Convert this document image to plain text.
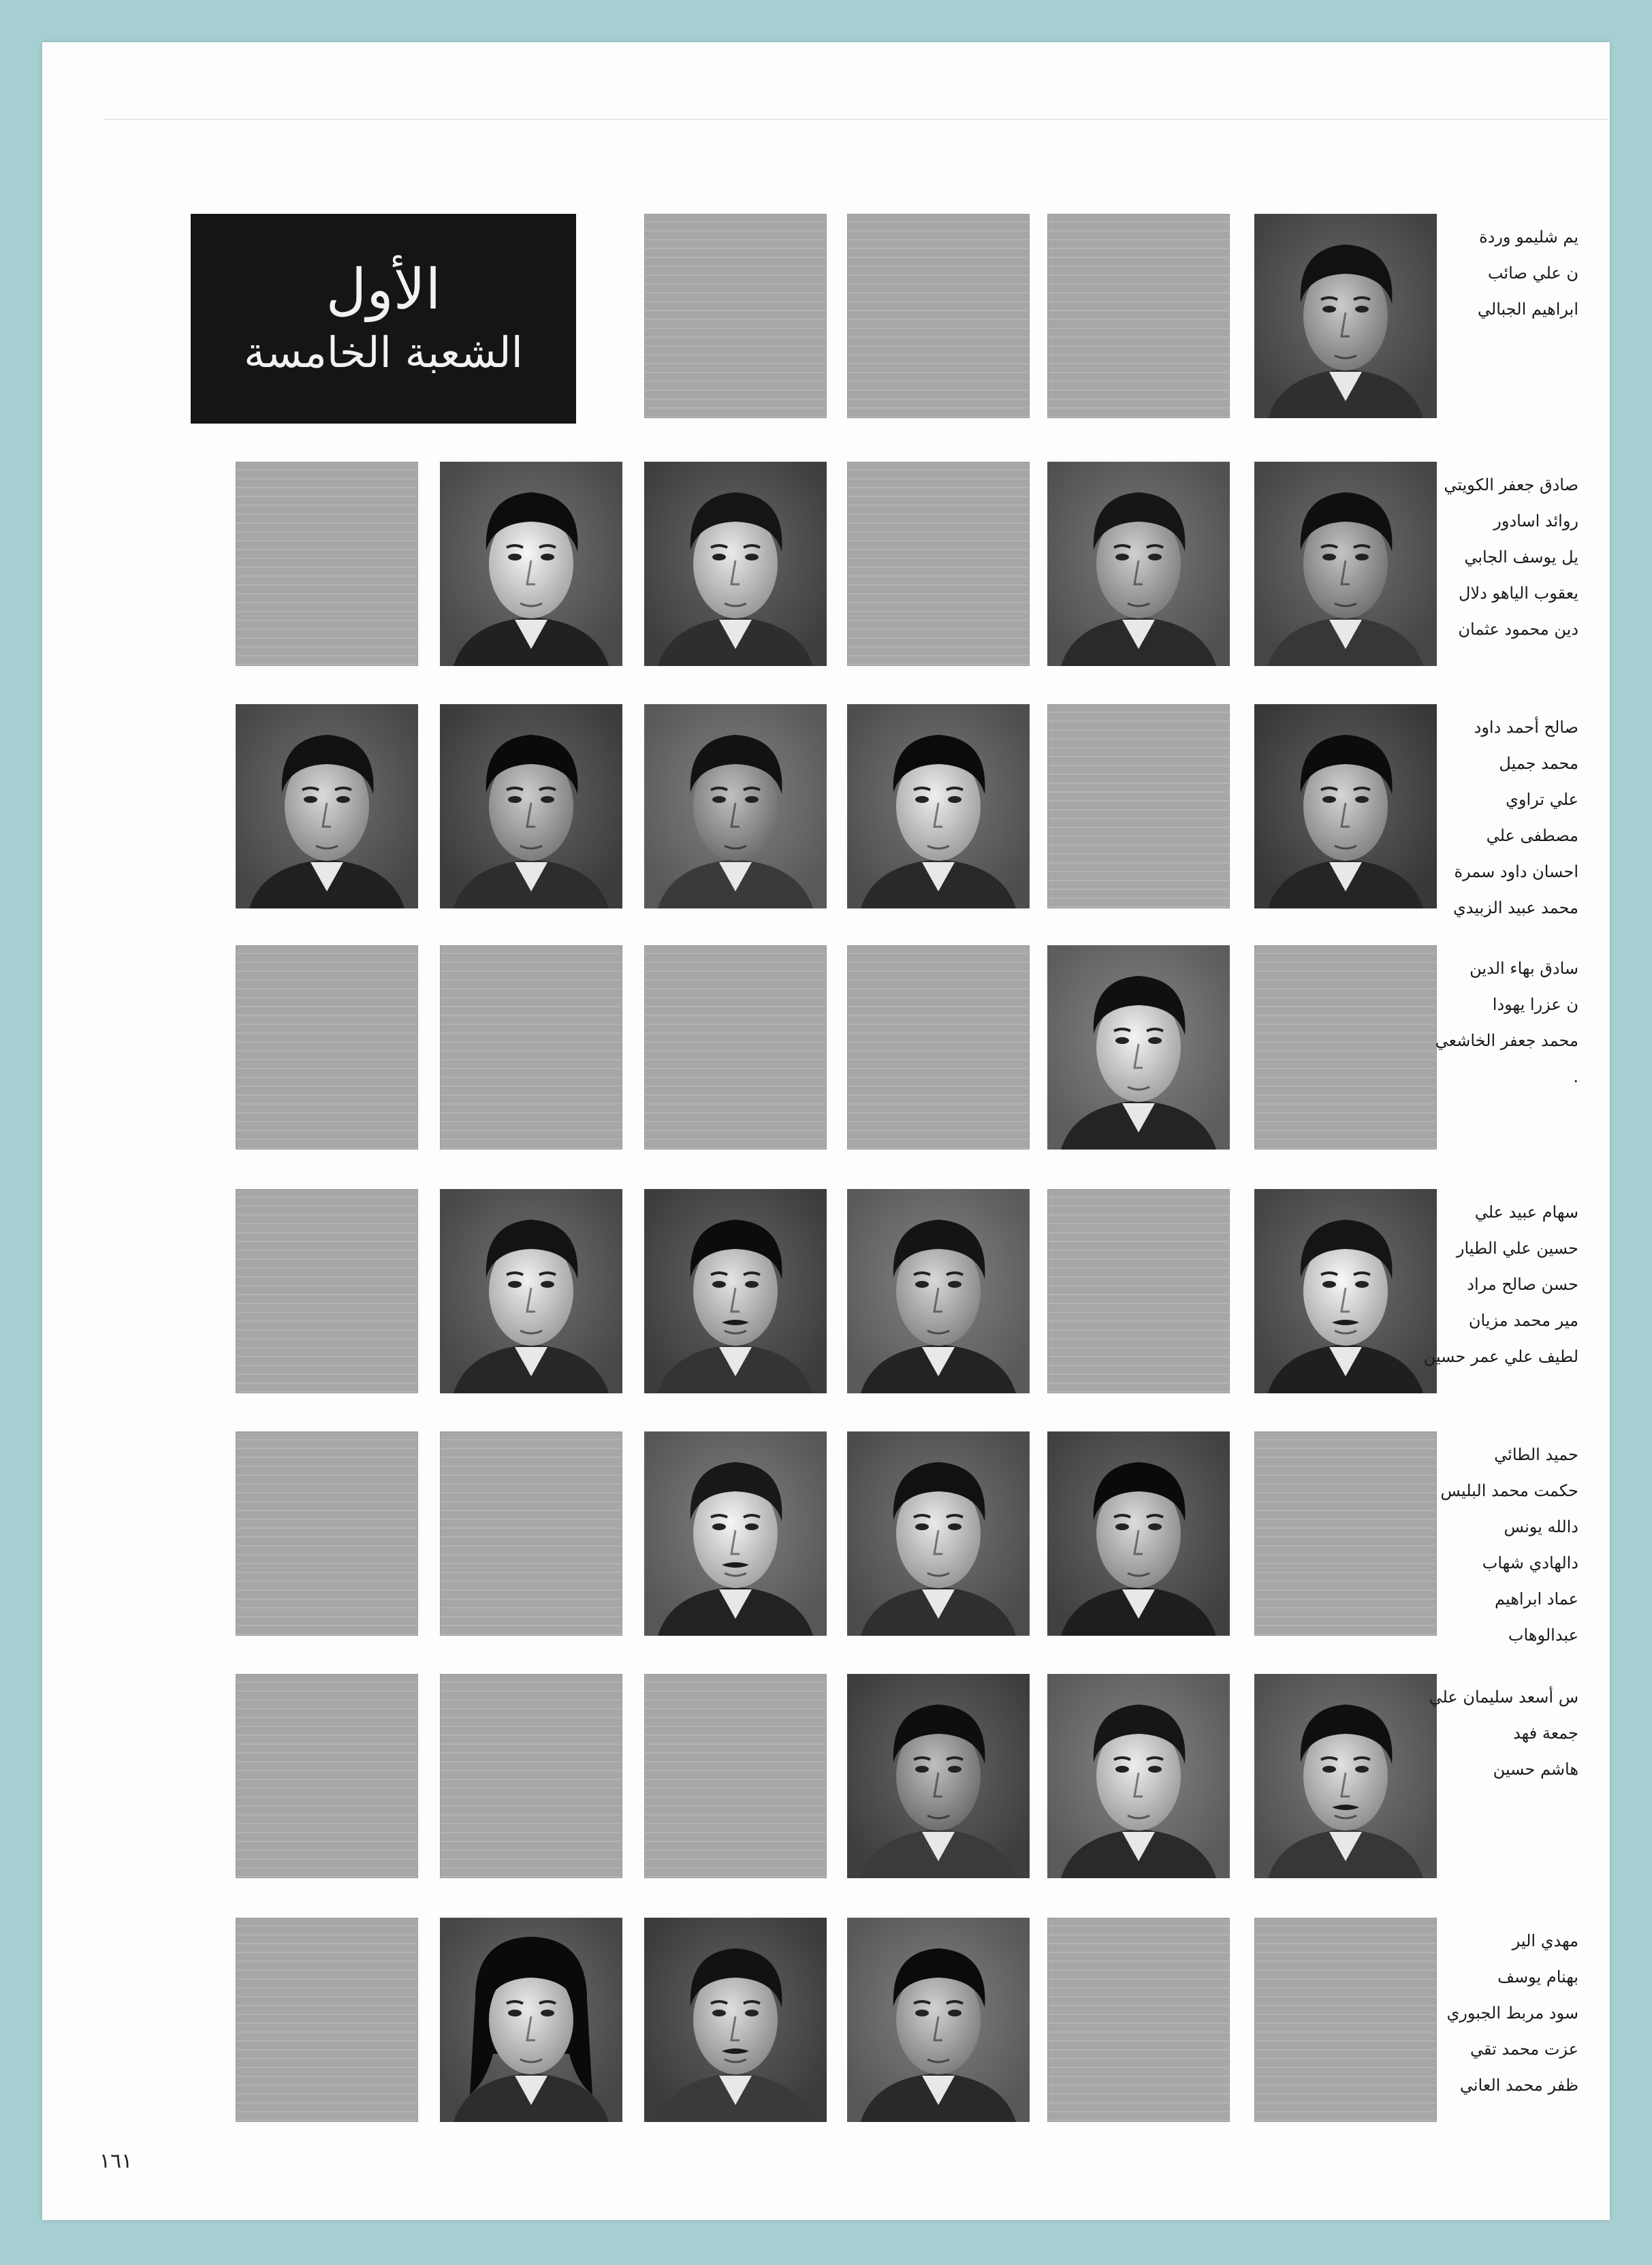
الأول
الشعبة الخامسة
١٦١
يم شليمو وردة
ن علي صائب
ابراهيم الجبالي
صادق جعفر الكويتي
روائد اسادور
يل يوسف الجابي
يعقوب الياهو دلال
دين محمود عثمان
صالح أحمد داود
محمد جميل
علي تراوي
مصطفى علي
احسان داود سمرة
محمد عبيد الزبيدي
سادق بهاء الدين
ن عزرا يهودا
محمد جعفر الخاشعي
.
سهام عبيد علي
حسين علي الطيار
حسن صالح مراد
مير محمد مزيان
لطيف علي عمر حسين
حميد الطائي
حكمت محمد البليس
دالله يونس
دالهادي شهاب
عماد ابراهيم
عبدالوهاب
س أسعد سليمان علي
جمعة فهد
هاشم حسين
مهدي الير
بهنام يوسف
سود مربط الجبوري
عزت محمد تقي
ظفر محمد العاني
